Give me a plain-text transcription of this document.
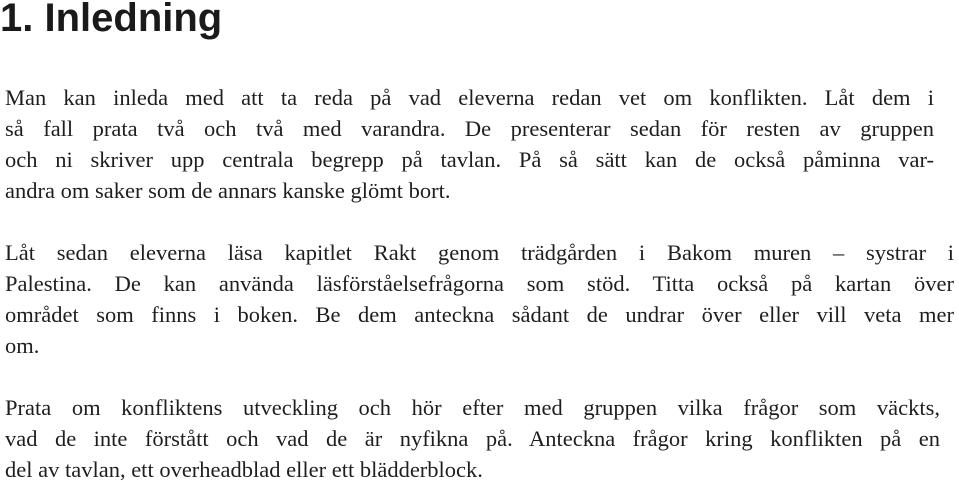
1. Inledning

Man kan inleda med att ta reda på vad eleverna redan vet om konflikten. Låt dem i
så fall prata två och två med varandra. De presenterar sedan för resten av gruppen
och ni skriver upp centrala begrepp på tavlan. På så sätt kan de också påminna var-
andra om saker som de annars kanske glömt bort.

Låt sedan eleverna läsa kapitlet Rakt genom trädgården i Bakom muren – systrar i
Palestina. De kan använda läsförståelsefrågorna som stöd. Titta också på kartan över
området som finns i boken. Be dem anteckna sådant de undrar över eller vill veta mer
om.

Prata om konfliktens utveckling och hör efter med gruppen vilka frågor som väckts,
vad de inte förstått och vad de är nyfikna på. Anteckna frågor kring konflikten på en
del av tavlan, ett overheadblad eller ett blädderblock.
